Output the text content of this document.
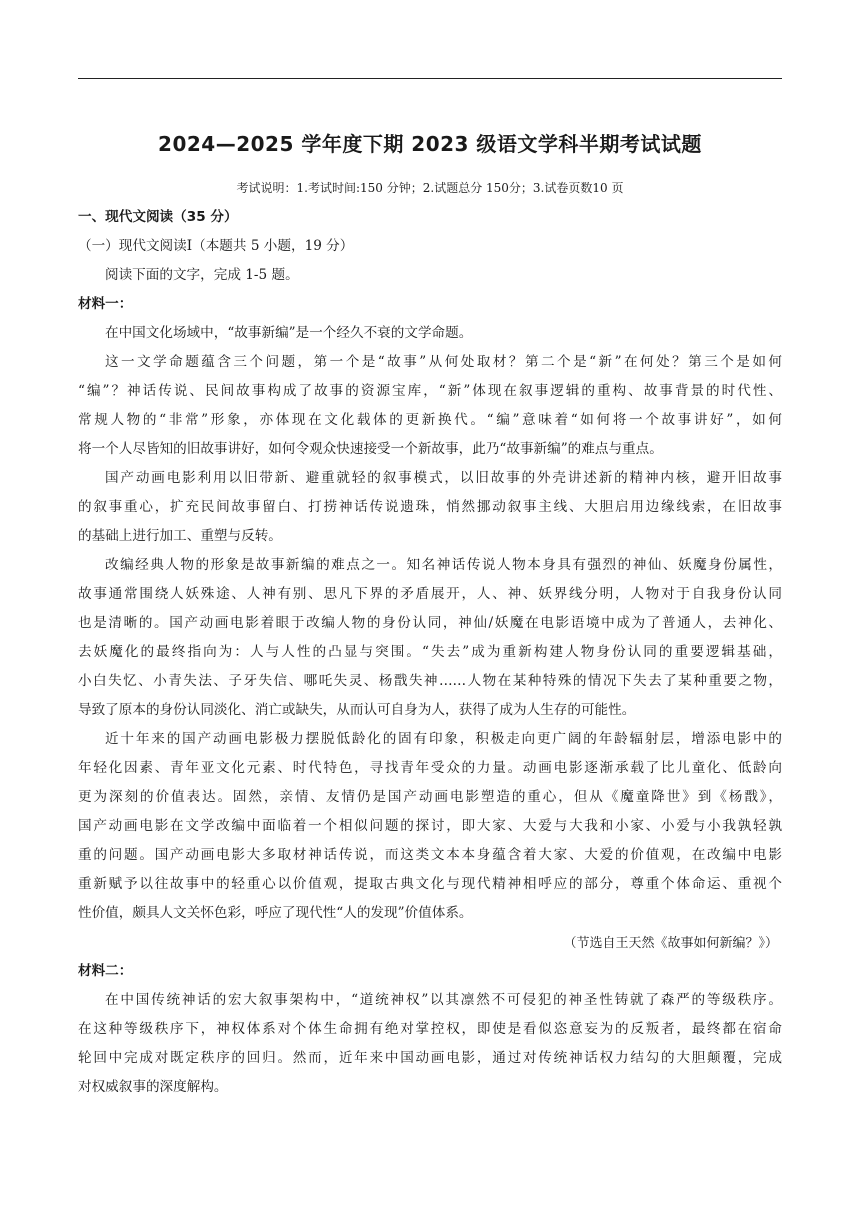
2024—2025 学年度下期 2023 级语文学科半期考试试题
考试说明：1.考试时间:150 分钟；2.试题总分 150分；3.试卷页数10 页
一、现代文阅读（35 分）
（一）现代文阅读Ⅰ（本题共 5 小题，19 分）
阅读下面的文字，完成 1-5 题。
材料一：
在中国文化场域中，“故事新编”是一个经久不衰的文学命题。
这一文学命题蕴含三个问题，第一个是“故事”从何处取材？第二个是“新”在何处？第三个是如何
“编”？神话传说、民间故事构成了故事的资源宝库，“新”体现在叙事逻辑的重构、故事背景的时代性、
常规人物的“非常”形象，亦体现在文化载体的更新换代。“编”意味着“如何将一个故事讲好”，如何
将一个人尽皆知的旧故事讲好，如何令观众快速接受一个新故事，此乃“故事新编”的难点与重点。
国产动画电影利用以旧带新、避重就轻的叙事模式，以旧故事的外壳讲述新的精神内核，避开旧故事
的叙事重心，扩充民间故事留白、打捞神话传说遗珠，悄然挪动叙事主线、大胆启用边缘线索，在旧故事
的基础上进行加工、重塑与反转。
改编经典人物的形象是故事新编的难点之一。知名神话传说人物本身具有强烈的神仙、妖魔身份属性，
故事通常围绕人妖殊途、人神有别、思凡下界的矛盾展开，人、神、妖界线分明，人物对于自我身份认同
也是清晰的。国产动画电影着眼于改编人物的身份认同，神仙/妖魔在电影语境中成为了普通人，去神化、
去妖魔化的最终指向为：人与人性的凸显与突围。“失去”成为重新构建人物身份认同的重要逻辑基础，
小白失忆、小青失法、子牙失信、哪吒失灵、杨戬失神……人物在某种特殊的情况下失去了某种重要之物，
导致了原本的身份认同淡化、消亡或缺失，从而认可自身为人，获得了成为人生存的可能性。
近十年来的国产动画电影极力摆脱低龄化的固有印象，积极走向更广阔的年龄辐射层，增添电影中的
年轻化因素、青年亚文化元素、时代特色，寻找青年受众的力量。动画电影逐渐承载了比儿童化、低龄向
更为深刻的价值表达。固然，亲情、友情仍是国产动画电影塑造的重心，但从《魔童降世》到《杨戬》，
国产动画电影在文学改编中面临着一个相似问题的探讨，即大家、大爱与大我和小家、小爱与小我孰轻孰
重的问题。国产动画电影大多取材神话传说，而这类文本本身蕴含着大家、大爱的价值观，在改编中电影
重新赋予以往故事中的轻重心以价值观，提取古典文化与现代精神相呼应的部分，尊重个体命运、重视个
性价值，颇具人文关怀色彩，呼应了现代性“人的发现”价值体系。
（节选自王天然《故事如何新编？》）
材料二：
在中国传统神话的宏大叙事架构中，“道统神权”以其凛然不可侵犯的神圣性铸就了森严的等级秩序。
在这种等级秩序下，神权体系对个体生命拥有绝对掌控权，即使是看似恣意妄为的反叛者，最终都在宿命
轮回中完成对既定秩序的回归。然而，近年来中国动画电影，通过对传统神话权力结勾的大胆颠覆，完成
对权威叙事的深度解构。
